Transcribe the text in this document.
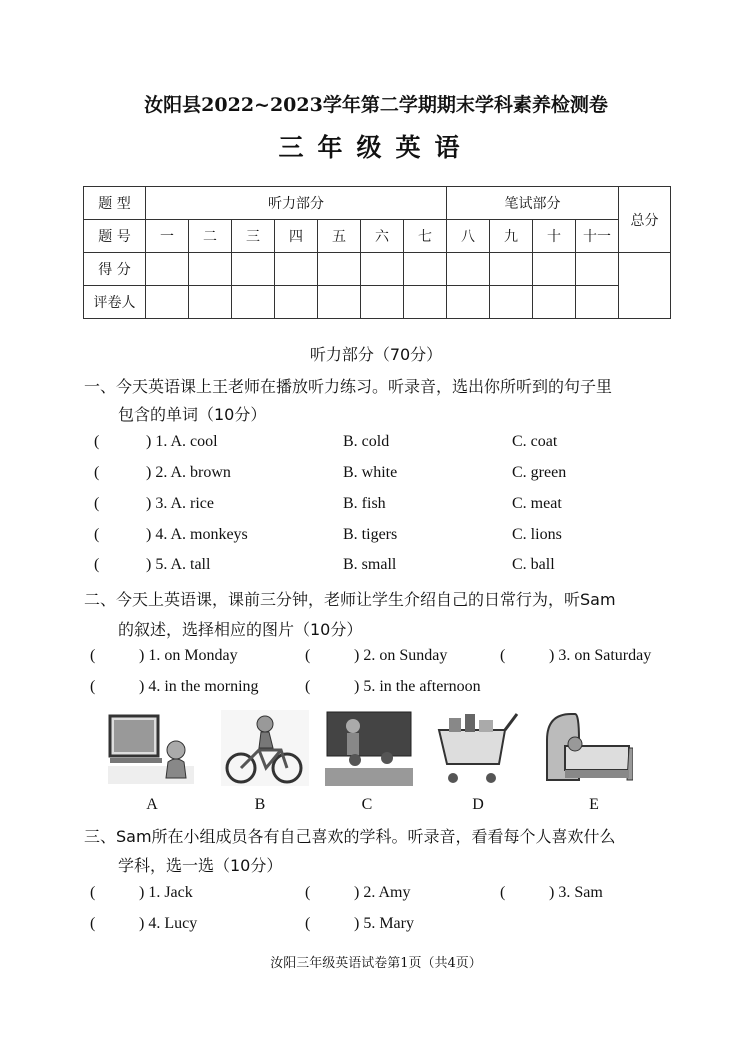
汝阳县2022~2023学年第二学期期末学科素养检测卷
三年级英语
题 型	听力部分							笔试部分				总分
题 号	一	二	三	四	五	六	七	八	九	十	十一	
得 分												
评卷人												
听力部分（70分）
一、今天英语课上王老师在播放听力练习。听录音，选出你所听到的句子里
包含的单词（10分）
(	) 1. A. cool	B. cold	C. coat
(	) 2. A. brown	B. white	C. green
(	) 3. A. rice	B. fish	C. meat
(	) 4. A. monkeys	B. tigers	C. lions
(	) 5. A. tall	B. small	C. ball
二、今天上英语课，课前三分钟，老师让学生介绍自己的日常行为，听Sam
的叙述，选择相应的图片（10分）
(	) 1. on Monday	(	) 2. on Sunday	(	) 3. on Saturday
(	) 4. in the morning	(	) 5. in the afternoon
A	B	C	D	E
三、Sam所在小组成员各有自己喜欢的学科。听录音，看看每个人喜欢什么
学科，选一选（10分）
(	) 1. Jack	(	) 2. Amy	(	) 3. Sam
(	) 4. Lucy	(	) 5. Mary
汝阳三年级英语试卷第1页（共4页）
